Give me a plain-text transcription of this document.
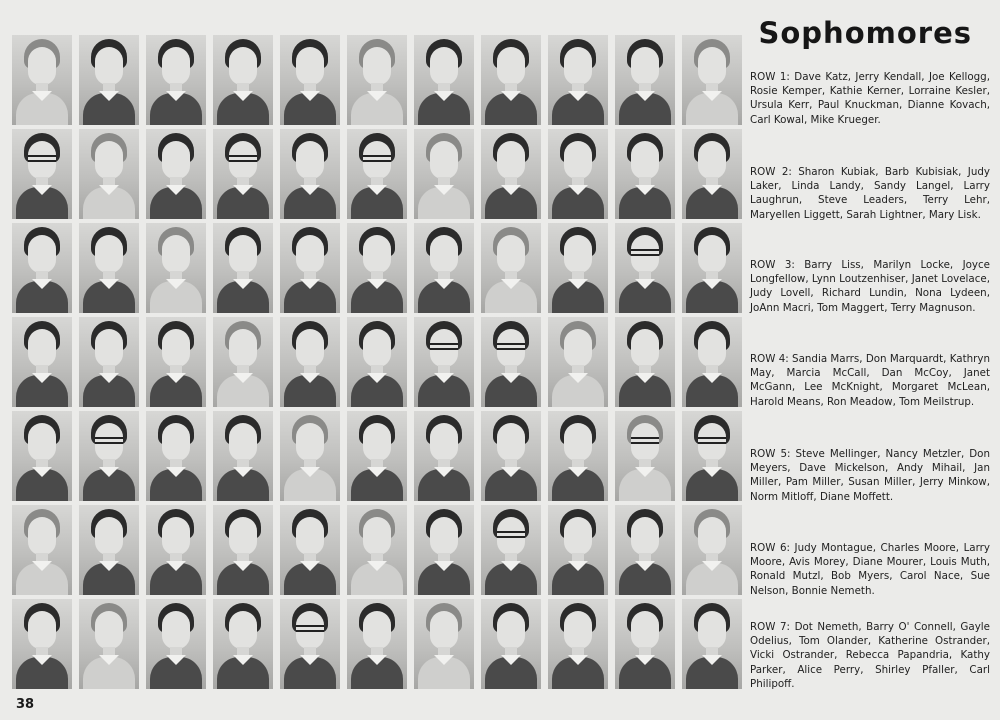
Sophomores
ROW 1: Dave Katz, Jerry Kendall, Joe Kellogg, Rosie Kemper, Kathie Kerner, Lorraine Kesler, Ursula Kerr, Paul Knuckman, Dianne Kovach, Carl Kowal, Mike Krueger.
ROW 2: Sharon Kubiak, Barb Kubisiak, Judy Laker, Linda Landy, Sandy Langel, Larry Laughrun, Steve Leaders, Terry Lehr, Maryellen Liggett, Sarah Lightner, Mary Lisk.
ROW 3: Barry Liss, Marilyn Locke, Joyce Longfellow, Lynn Loutzenhiser, Janet Lovelace, Judy Lovell, Richard Lundin, Nona Lydeen, JoAnn Macri, Tom Maggert, Terry Magnuson.
ROW 4: Sandia Marrs, Don Marquardt, Kathryn May, Marcia McCall, Dan McCoy, Janet McGann, Lee McKnight, Morgaret McLean, Harold Means, Ron Meadow, Tom Meilstrup.
ROW 5: Steve Mellinger, Nancy Metzler, Don Meyers, Dave Mickelson, Andy Mihail, Jan Miller, Pam Miller, Susan Miller, Jerry Minkow, Norm Mitloff, Diane Moffett.
ROW 6: Judy Montague, Charles Moore, Larry Moore, Avis Morey, Diane Mourer, Louis Muth, Ronald Mutzl, Bob Myers, Carol Nace, Sue Nelson, Bonnie Nemeth.
ROW 7: Dot Nemeth, Barry O' Connell, Gayle Odelius, Tom Olander, Katherine Ostrander, Vicki Ostrander, Rebecca Papandria, Kathy Parker, Alice Perry, Shirley Pfaller, Carl Philipoff.
38
